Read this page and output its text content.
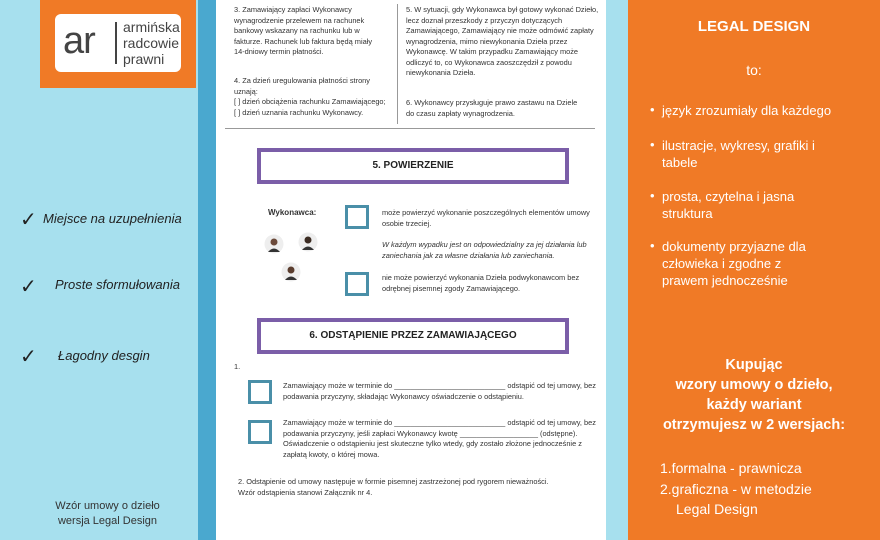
ar armińska
radcowie
prawni
✓ Miejsce na uzupełnienia
✓ Proste sformułowania
✓ Łagodny desgin
Wzór umowy o dzieło
wersja Legal Design
3. Zamawiający zapłaci Wykonawcy
wynagrodzenie przelewem na rachunek
bankowy wskazany na rachunku lub w
fakturze. Rachunek lub faktura będą miały
14-dniowy termin płatności.
4. Za dzień uregulowania płatności strony
uznają:
[ ] dzień obciążenia rachunku Zamawiającego;
[ ] dzień uznania rachunku Wykonawcy.
5. W sytuacji, gdy Wykonawca był gotowy wykonać Dzieło,
lecz doznał przeszkody z przyczyn dotyczących
Zamawiającego, Zamawiający nie może odmówić zapłaty
wynagrodzenia, mimo niewykonania Dzieła przez
Wykonawcę. W takim przypadku Zamawiający może
odliczyć to, co Wykonawca zaoszczędził z powodu
niewykonania Dzieła.
6. Wykonawcy przysługuje prawo zastawu na Dziele
do czasu zapłaty wynagrodzenia.
5. POWIERZENIE
Wykonawca:	może powierzyć wykonanie poszczególnych elementów umowy
osobie trzeciej.
W każdym wypadku jest on odpowiedzialny za jej działania lub
zaniechania jak za własne działania lub zaniechania.
nie może powierzyć wykonania Dzieła podwykonawcom bez
odrębnej pisemnej zgody Zamawiającego.
6. ODSTĄPIENIE PRZEZ ZAMAWIAJĄCEGO
1.
Zamawiający może w terminie do ___________________________ odstąpić od tej umowy, bez
podawania przyczyny, składając Wykonawcy oświadczenie o odstąpieniu.
Zamawiający może w terminie do ___________________________ odstąpić od tej umowy, bez
podawania przyczyny, jeśli zapłaci Wykonawcy kwotę ___________________ (odstępne).
Oświadczenie o odstąpieniu jest skuteczne tylko wtedy, gdy zostało złożone jednocześnie z
zapłatą kwoty, o której mowa.
2. Odstąpienie od umowy następuje w formie pisemnej zastrzeżonej pod rygorem nieważności.
Wzór odstąpienia stanowi Załącznik nr 4.
LEGAL DESIGN
to:
• język zrozumiały dla każdego
• ilustracje, wykresy, grafiki i
tabele
• prosta, czytelna i jasna
struktura
• dokumenty przyjazne dla
człowieka i zgodne z
prawem jednocześnie
Kupując
wzory umowy o dzieło,
każdy wariant
otrzymujesz w 2 wersjach:
1.formalna - prawnicza
2.graficzna - w metodzie
Legal Design
